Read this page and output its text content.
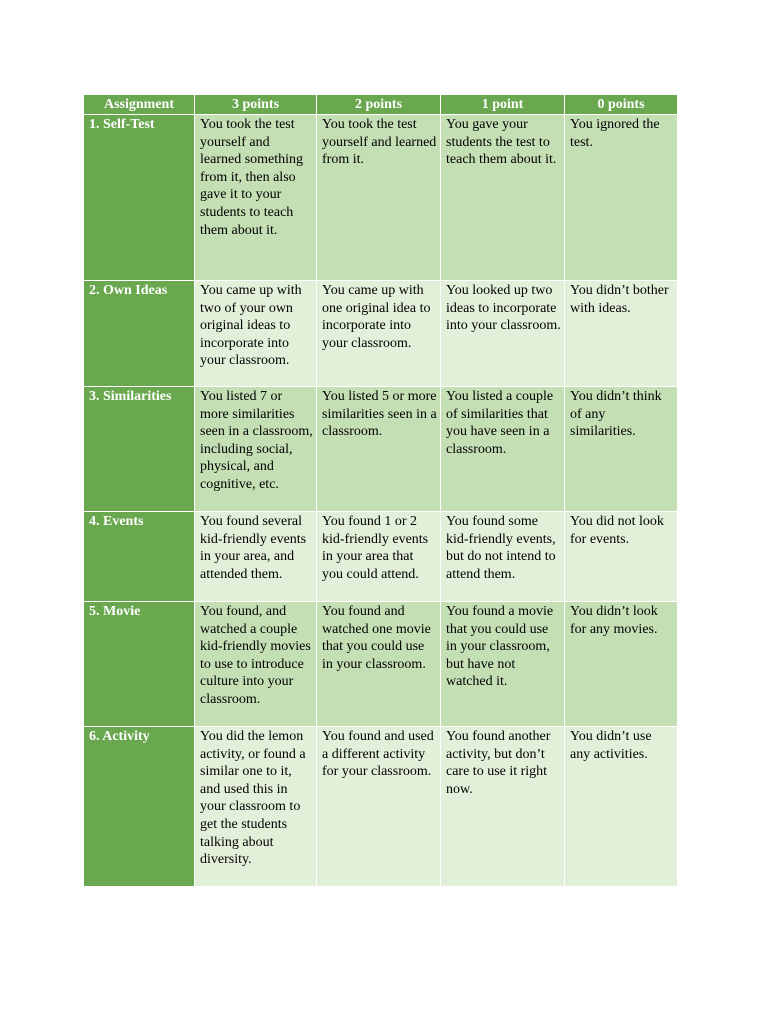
Assignment	3 points	2 points	1 point	0 points
1. Self-Test	You took the test yourself and learned something from it, then also gave it to your students to teach them about it.	You took the test yourself and learned from it.	You gave your students the test to teach them about it.	You ignored the test.
2. Own Ideas	You came up with two of your own original ideas to incorporate into your classroom.	You came up with one original idea to incorporate into your classroom.	You looked up two ideas to incorporate into your classroom.	You didn’t bother with ideas.
3. Similarities	You listed 7 or more similarities seen in a classroom, including social, physical, and cognitive, etc.	You listed 5 or more similarities seen in a classroom.	You listed a couple of similarities that you have seen in a classroom.	You didn’t think of any similarities.
4. Events	You found several kid-friendly events in your area, and attended them.	You found 1 or 2 kid-friendly events in your area that you could attend.	You found some kid-friendly events, but do not intend to attend them.	You did not look for events.
5. Movie	You found, and watched a couple kid-friendly movies to use to introduce culture into your classroom.	You found and watched one movie that you could use in your classroom.	You found a movie that you could use in your classroom, but have not watched it.	You didn’t look for any movies.
6. Activity	You did the lemon activity, or found a similar one to it, and used this in your classroom to get the students talking about diversity.	You found and used a different activity for your classroom.	You found another activity, but don’t care to use it right now.	You didn’t use any activities.
